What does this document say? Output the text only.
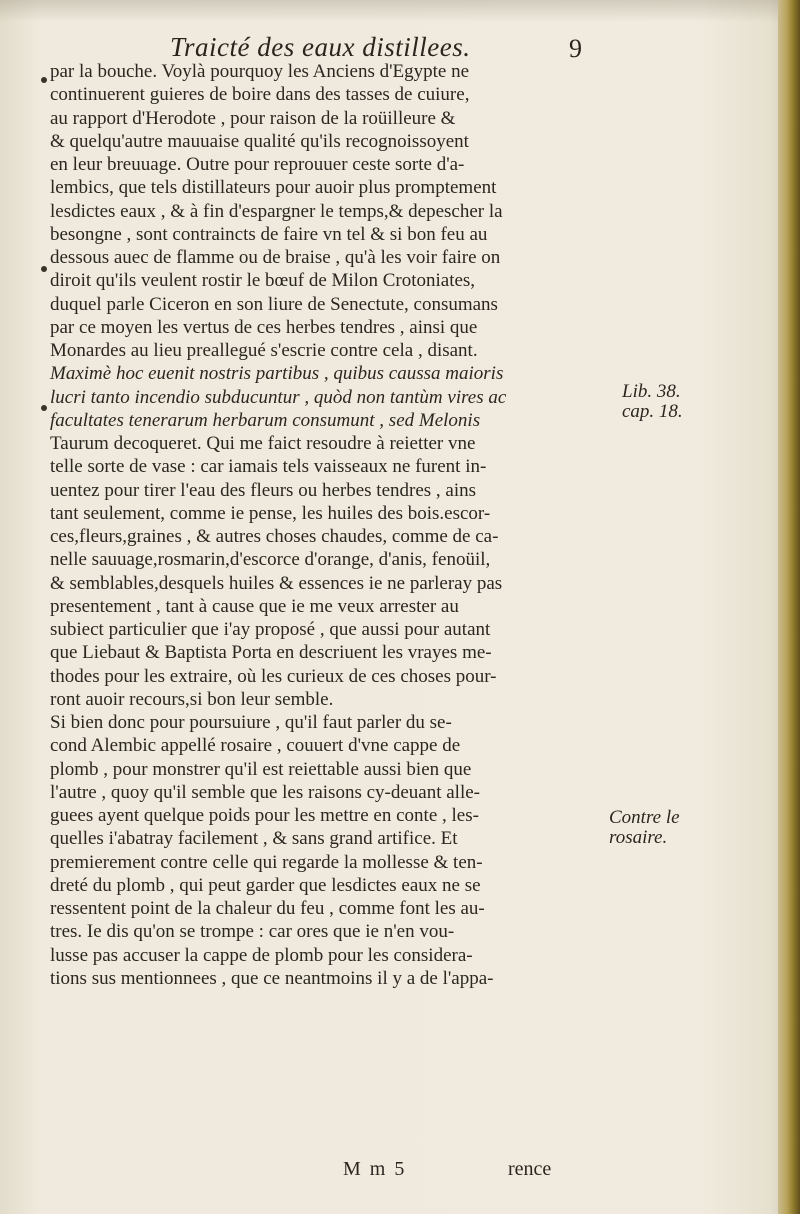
Traicté des eaux distillees.	9
par la bouche. Voylà pourquoy les Anciens d'Egypte ne
continuerent guieres de boire dans des tasses de cuiure,
au rapport d'Herodote , pour raison de la roüilleure &
& quelqu'autre mauuaise qualité qu'ils recognoissoyent
en leur breuuage. Outre pour reprouuer ceste sorte d'a-
lembics, que tels distillateurs pour auoir plus promptement
lesdictes eaux , & à fin d'espargner le temps,& depescher la
besongne , sont contraincts de faire vn tel & si bon feu au
dessous auec de flamme ou de braise , qu'à les voir faire on
diroit qu'ils veulent rostir le bœuf de Milon Crotoniates,
duquel parle Ciceron en son liure de Senectute, consumans
par ce moyen les vertus de ces herbes tendres , ainsi que
Monardes au lieu preallegué s'escrie contre cela , disant.
Maximè hoc euenit nostris partibus , quibus caussa maioris
lucri tanto incendio subducuntur , quòd non tantùm vires ac
facultates tenerarum herbarum consumunt , sed Melonis
Taurum decoqueret. Qui me faict resoudre à reietter vne
telle sorte de vase : car iamais tels vaisseaux ne furent in-
uentez pour tirer l'eau des fleurs ou herbes tendres , ains
tant seulement, comme ie pense, les huiles des bois.escor-
ces,fleurs,graines , & autres choses chaudes, comme de ca-
nelle sauuage,rosmarin,d'escorce d'orange, d'anis, fenoüil,
& semblables,desquels huiles & essences ie ne parleray pas
presentement , tant à cause que ie me veux arrester au
subiect particulier que i'ay proposé , que aussi pour autant
que Liebaut & Baptista Porta en descriuent les vrayes me-
thodes pour les extraire, où les curieux de ces choses pour-
ront auoir recours,si bon leur semble.
Si bien donc pour poursuiure , qu'il faut parler du se-
cond Alembic appellé rosaire , couuert d'vne cappe de
plomb , pour monstrer qu'il est reiettable aussi bien que
l'autre , quoy qu'il semble que les raisons cy-deuant alle-
guees ayent quelque poids pour les mettre en conte , les-
quelles i'abatray facilement , & sans grand artifice. Et
premierement contre celle qui regarde la mollesse & ten-
dreté du plomb , qui peut garder que lesdictes eaux ne se
ressentent point de la chaleur du feu , comme font les au-
tres. Ie dis qu'on se trompe : car ores que ie n'en vou-
lusse pas accuser la cappe de plomb pour les considera-
tions sus mentionnees , que ce neantmoins il y a de l'appa-
Lib. 38.
cap. 18.
Contre le
rosaire.
M m 5	rence
